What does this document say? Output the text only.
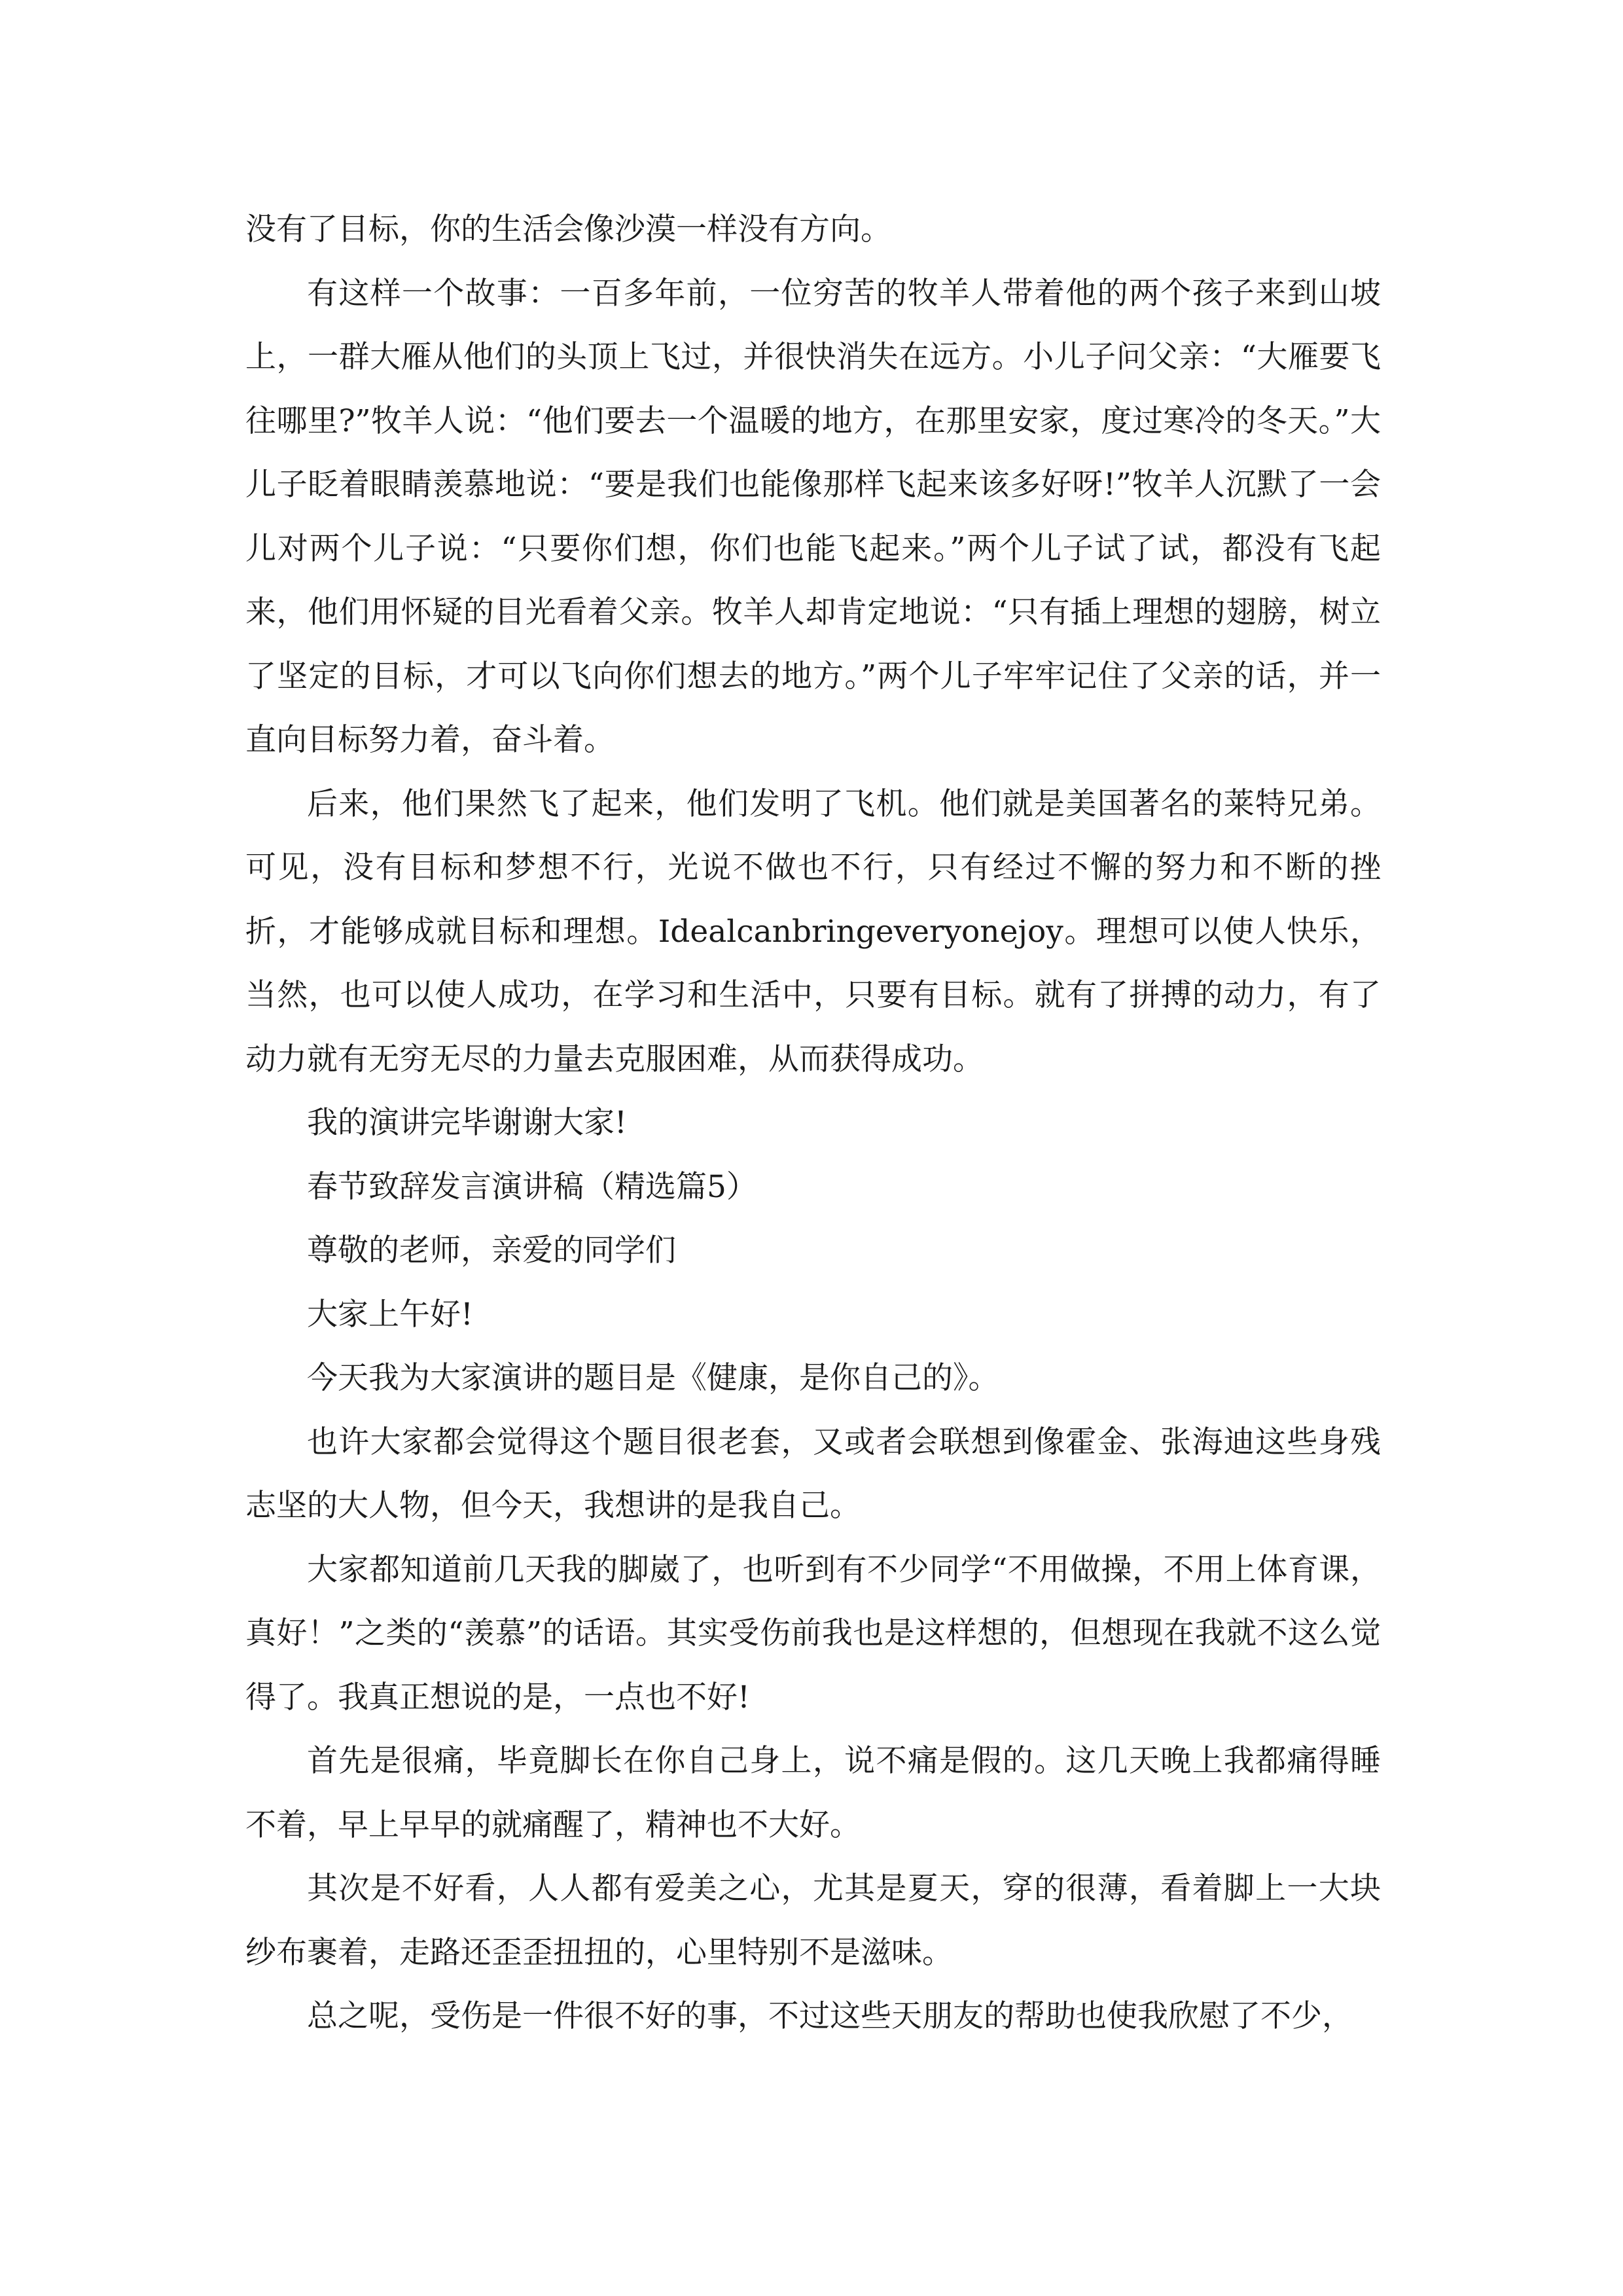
没有了目标，你的生活会像沙漠一样没有方向。

有这样一个故事：一百多年前，一位穷苦的牧羊人带着他的两个孩子来到山坡上，一群大雁从他们的头顶上飞过，并很快消失在远方。小儿子问父亲：“大雁要飞往哪里?”牧羊人说：“他们要去一个温暖的地方，在那里安家，度过寒冷的冬天。”大儿子眨着眼睛羡慕地说：“要是我们也能像那样飞起来该多好呀!”牧羊人沉默了一会儿对两个儿子说：“只要你们想，你们也能飞起来。”两个儿子试了试，都没有飞起来，他们用怀疑的目光看着父亲。牧羊人却肯定地说：“只有插上理想的翅膀，树立了坚定的目标，才可以飞向你们想去的地方。”两个儿子牢牢记住了父亲的话，并一直向目标努力着，奋斗着。

后来，他们果然飞了起来，他们发明了飞机。他们就是美国著名的莱特兄弟。可见，没有目标和梦想不行，光说不做也不行，只有经过不懈的努力和不断的挫折，才能够成就目标和理想。Idealcanbringeveryonejoy。理想可以使人快乐，当然，也可以使人成功，在学习和生活中，只要有目标。就有了拼搏的动力，有了动力就有无穷无尽的力量去克服困难，从而获得成功。

我的演讲完毕谢谢大家!

春节致辞发言演讲稿（精选篇5）

尊敬的老师，亲爱的同学们

大家上午好!

今天我为大家演讲的题目是《健康，是你自己的》。

也许大家都会觉得这个题目很老套，又或者会联想到像霍金、张海迪这些身残志坚的大人物，但今天，我想讲的是我自己。

大家都知道前几天我的脚崴了，也听到有不少同学“不用做操，不用上体育课，真好！”之类的“羡慕”的话语。其实受伤前我也是这样想的，但想现在我就不这么觉得了。我真正想说的是，一点也不好!

首先是很痛，毕竟脚长在你自己身上，说不痛是假的。这几天晚上我都痛得睡不着，早上早早的就痛醒了，精神也不大好。

其次是不好看，人人都有爱美之心，尤其是夏天，穿的很薄，看着脚上一大块纱布裹着，走路还歪歪扭扭的，心里特别不是滋味。

总之呢，受伤是一件很不好的事，不过这些天朋友的帮助也使我欣慰了不少，
